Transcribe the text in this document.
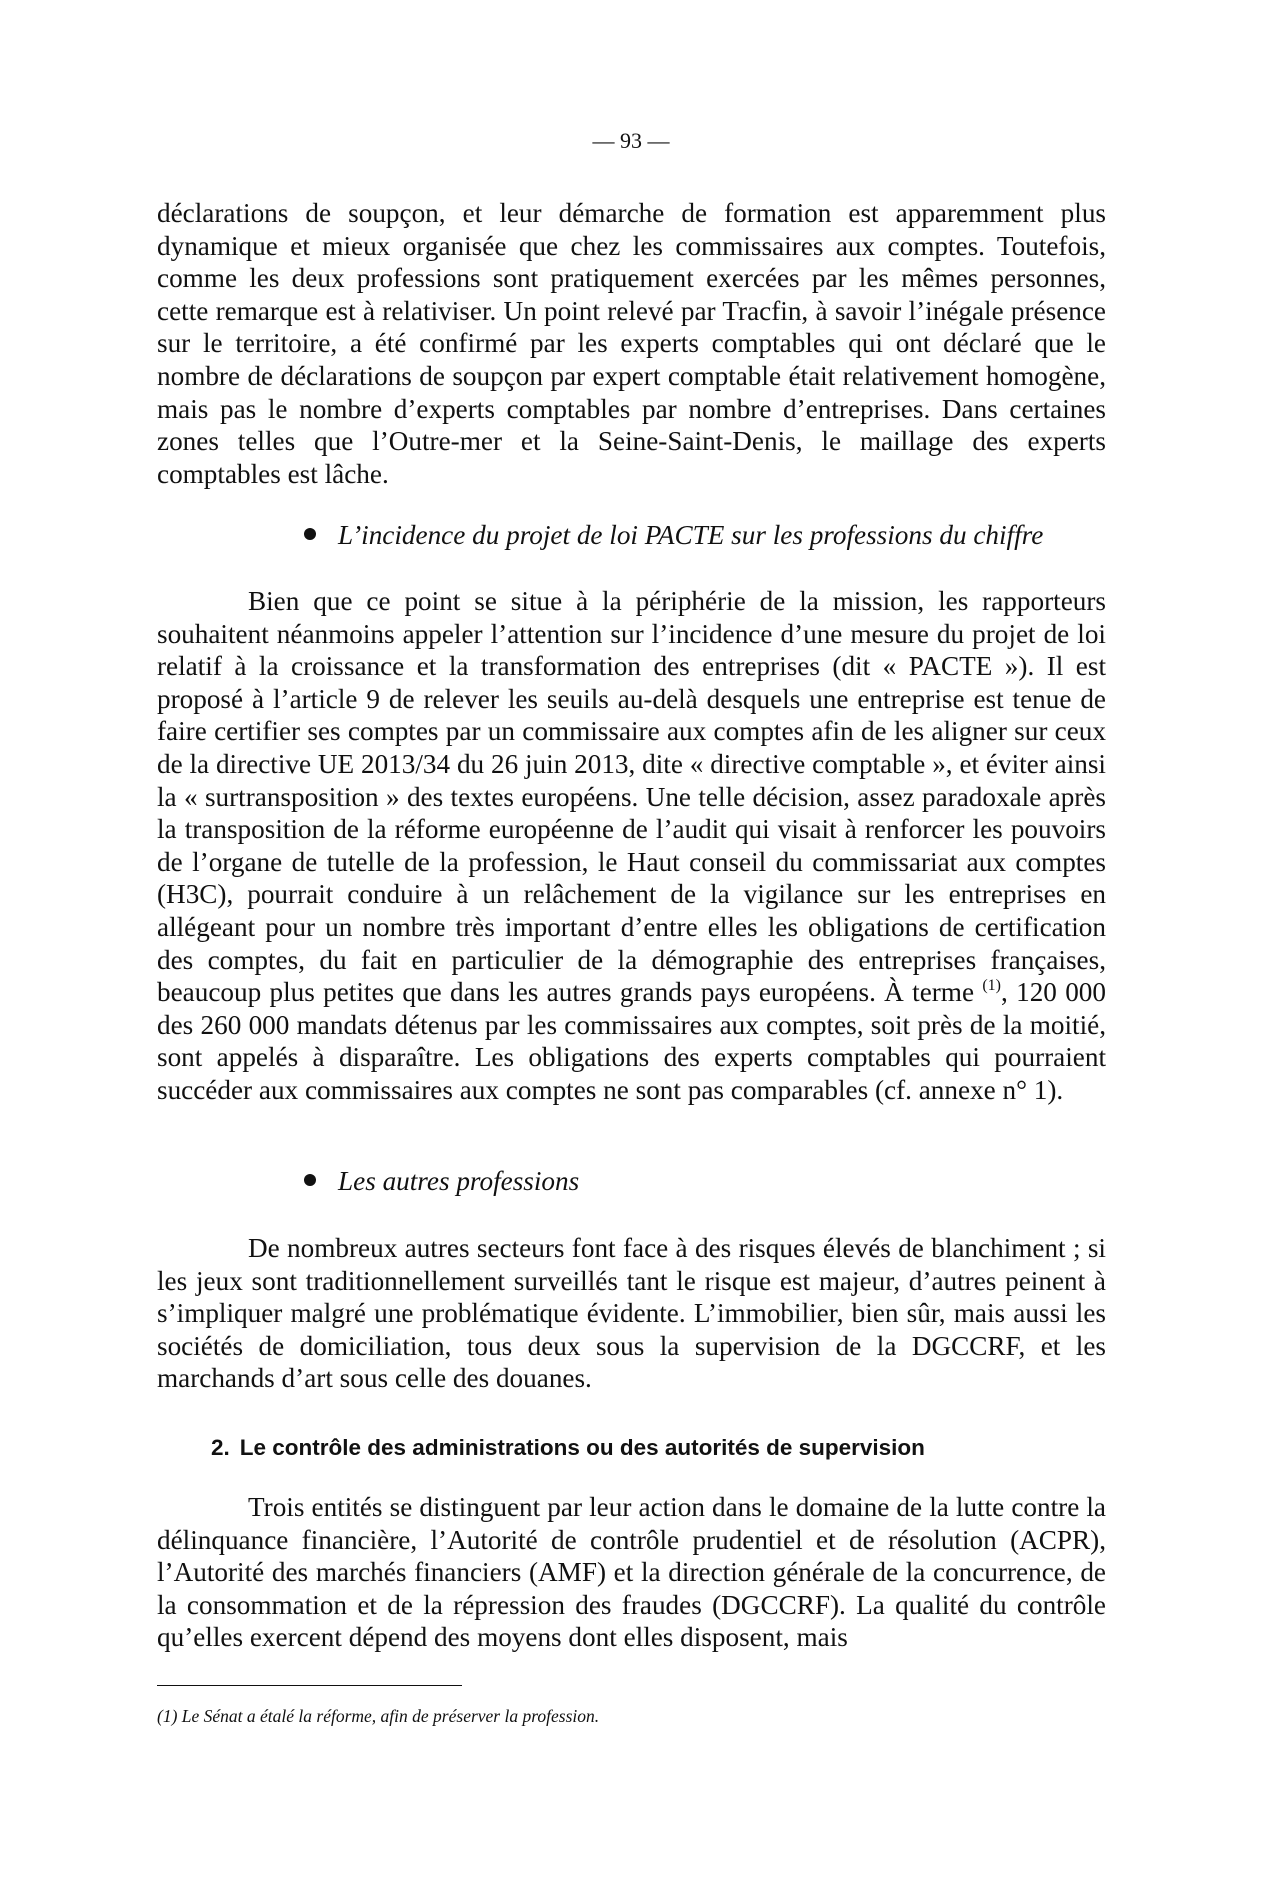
— 93 —

déclarations de soupçon, et leur démarche de formation est apparemment plus dynamique et mieux organisée que chez les commissaires aux comptes. Toutefois, comme les deux professions sont pratiquement exercées par les mêmes personnes, cette remarque est à relativiser. Un point relevé par Tracfin, à savoir l’inégale présence sur le territoire, a été confirmé par les experts comptables qui ont déclaré que le nombre de déclarations de soupçon par expert comptable était relativement homogène, mais pas le nombre d’experts comptables par nombre d’entreprises. Dans certaines zones telles que l’Outre-mer et la Seine-Saint-Denis, le maillage des experts comptables est lâche.

L’incidence du projet de loi PACTE sur les professions du chiffre

Bien que ce point se situe à la périphérie de la mission, les rapporteurs souhaitent néanmoins appeler l’attention sur l’incidence d’une mesure du projet de loi relatif à la croissance et la transformation des entreprises (dit « PACTE »). Il est proposé à l’article 9 de relever les seuils au-delà desquels une entreprise est tenue de faire certifier ses comptes par un commissaire aux comptes afin de les aligner sur ceux de la directive UE 2013/34 du 26 juin 2013, dite « directive comptable », et éviter ainsi la « surtransposition » des textes européens. Une telle décision, assez paradoxale après la transposition de la réforme européenne de l’audit qui visait à renforcer les pouvoirs de l’organe de tutelle de la profession, le Haut conseil du commissariat aux comptes (H3C), pourrait conduire à un relâchement de la vigilance sur les entreprises en allégeant pour un nombre très important d’entre elles les obligations de certification des comptes, du fait en particulier de la démographie des entreprises françaises, beaucoup plus petites que dans les autres grands pays européens. À terme $^{(1)}$, 120 000 des 260 000 mandats détenus par les commissaires aux comptes, soit près de la moitié, sont appelés à disparaître. Les obligations des experts comptables qui pourraient succéder aux commissaires aux comptes ne sont pas comparables (cf. annexe n° 1).

Les autres professions

De nombreux autres secteurs font face à des risques élevés de blanchiment ; si les jeux sont traditionnellement surveillés tant le risque est majeur, d’autres peinent à s’impliquer malgré une problématique évidente. L’immobilier, bien sûr, mais aussi les sociétés de domiciliation, tous deux sous la supervision de la DGCCRF, et les marchands d’art sous celle des douanes.

2. Le contrôle des administrations ou des autorités de supervision

Trois entités se distinguent par leur action dans le domaine de la lutte contre la délinquance financière, l’Autorité de contrôle prudentiel et de résolution (ACPR), l’Autorité des marchés financiers (AMF) et la direction générale de la concurrence, de la consommation et de la répression des fraudes (DGCCRF). La qualité du contrôle qu’elles exercent dépend des moyens dont elles disposent, mais

(1) Le Sénat a étalé la réforme, afin de préserver la profession.
